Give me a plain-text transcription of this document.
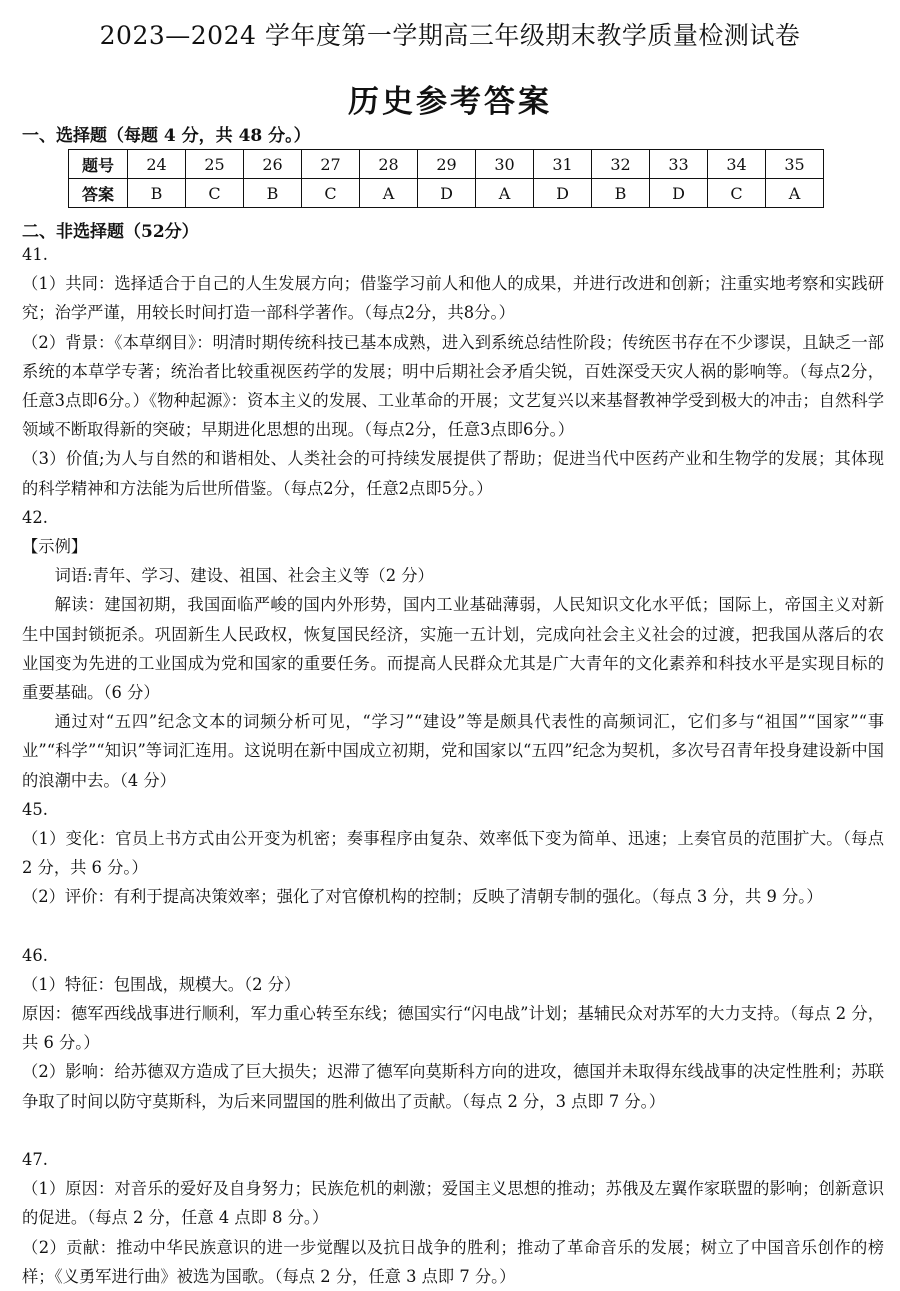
2023—2024 学年度第一学期高三年级期末教学质量检测试卷
历史参考答案
一、选择题（每题 4 分，共 48 分。）
题号	24	25	26	27	28	29	30	31	32	33	34	35
答案	B	C	B	C	A	D	A	D	B	D	C	A
二、非选择题（52分）

41.

（1）共同：选择适合于自己的人生发展方向；借鉴学习前人和他人的成果，并进行改进和创新；注重实地考察和实践研究；治学严谨，用较长时间打造一部科学著作。（每点2分，共8分。）

（2）背景：《本草纲目》：明清时期传统科技已基本成熟，进入到系统总结性阶段；传统医书存在不少谬误，且缺乏一部系统的本草学专著；统治者比较重视医药学的发展；明中后期社会矛盾尖锐，百姓深受天灾人祸的影响等。（每点2分，任意3点即6分。）《物种起源》：资本主义的发展、工业革命的开展；文艺复兴以来基督教神学受到极大的冲击；自然科学领域不断取得新的突破；早期进化思想的出现。（每点2分，任意3点即6分。）

（3）价值;为人与自然的和谐相处、人类社会的可持续发展提供了帮助；促进当代中医药产业和生物学的发展；其体现的科学精神和方法能为后世所借鉴。（每点2分，任意2点即5分。）

42.

【示例】

词语:青年、学习、建设、祖国、社会主义等（2 分）

解读：建国初期，我国面临严峻的国内外形势，国内工业基础薄弱，人民知识文化水平低；国际上，帝国主义对新生中国封锁扼杀。巩固新生人民政权，恢复国民经济，实施一五计划，完成向社会主义社会的过渡，把我国从落后的农业国变为先进的工业国成为党和国家的重要任务。而提高人民群众尤其是广大青年的文化素养和科技水平是实现目标的重要基础。（6 分）

通过对“五四”纪念文本的词频分析可见，“学习”“建设”等是颇具代表性的高频词汇，它们多与“祖国”“国家”“事业”“科学”“知识”等词汇连用。这说明在新中国成立初期，党和国家以“五四”纪念为契机，多次号召青年投身建设新中国的浪潮中去。（4 分）

45.

（1）变化：官员上书方式由公开变为机密；奏事程序由复杂、效率低下变为简单、迅速；上奏官员的范围扩大。（每点 2 分，共 6 分。）

（2）评价：有利于提高决策效率；强化了对官僚机构的控制；反映了清朝专制的强化。（每点 3 分，共 9 分。）

46.

（1）特征：包围战，规模大。（2 分）

原因：德军西线战事进行顺利，军力重心转至东线；德国实行“闪电战”计划；基辅民众对苏军的大力支持。（每点 2 分，共 6 分。）

（2）影响：给苏德双方造成了巨大损失；迟滞了德军向莫斯科方向的进攻，德国并未取得东线战事的决定性胜利；苏联争取了时间以防守莫斯科，为后来同盟国的胜利做出了贡献。（每点 2 分，3 点即 7 分。）

47.

（1）原因：对音乐的爱好及自身努力；民族危机的刺激；爱国主义思想的推动；苏俄及左翼作家联盟的影响；创新意识的促进。（每点 2 分，任意 4 点即 8 分。）

（2）贡献：推动中华民族意识的进一步觉醒以及抗日战争的胜利；推动了革命音乐的发展；树立了中国音乐创作的榜样；《义勇军进行曲》被选为国歌。（每点 2 分，任意 3 点即 7 分。）
